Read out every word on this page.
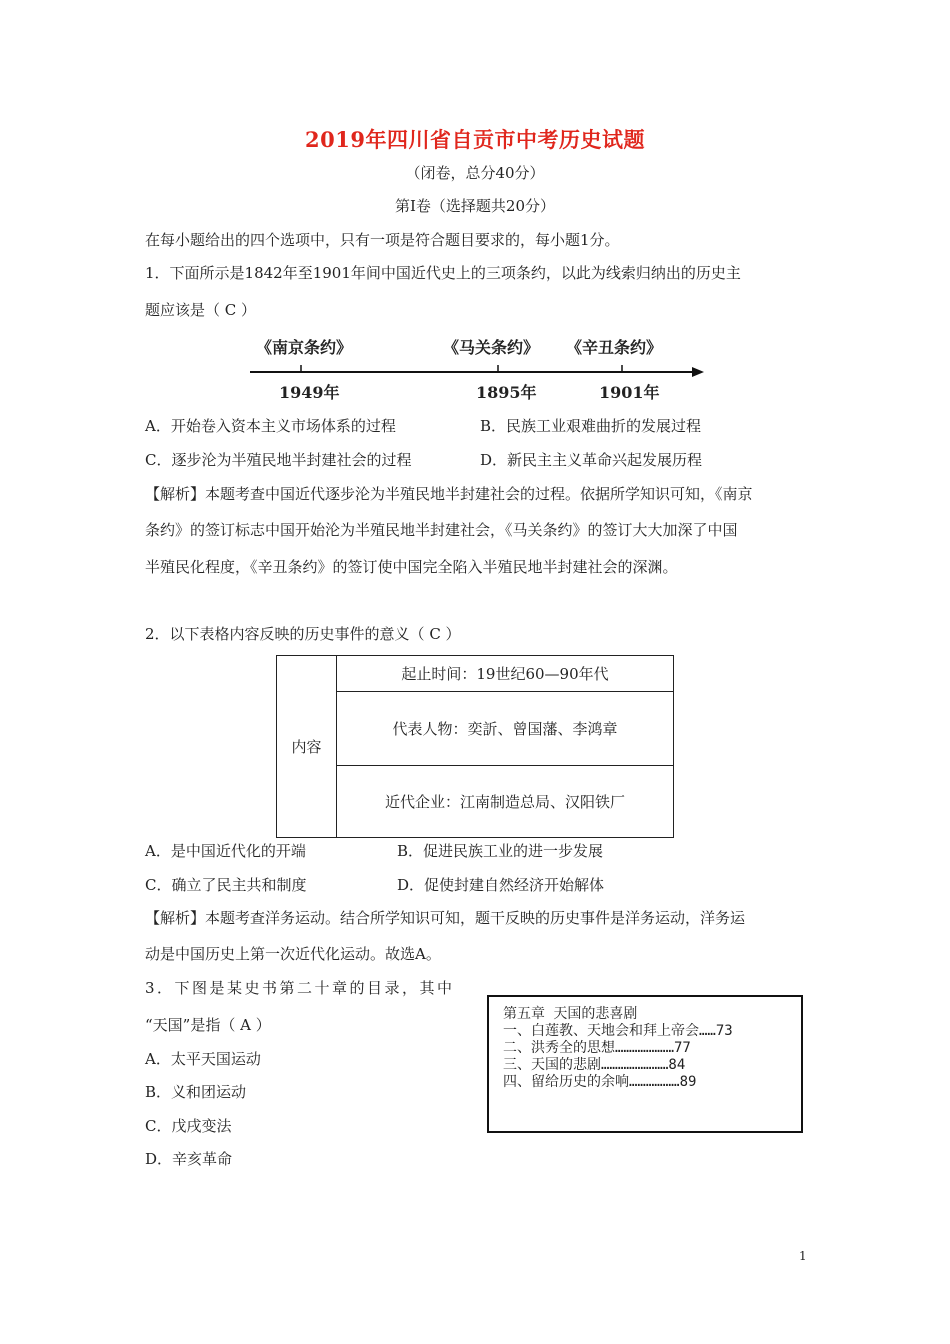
2019年四川省自贡市中考历史试题
（闭卷，总分40分）
第Ⅰ卷（选择题共20分）
在每小题给出的四个选项中，只有一项是符合题目要求的，每小题1分。
1．下面所示是1842年至1901年间中国近代史上的三项条约，以此为线索归纳出的历史主
题应该是（ C ）
《南京条约》	《马关条约》 《辛丑条约》
1949年	1895年	1901年
A．开始卷入资本主义市场体系的过程	B．民族工业艰难曲折的发展过程
C．逐步沦为半殖民地半封建社会的过程	D．新民主主义革命兴起发展历程
【解析】本题考查中国近代逐步沦为半殖民地半封建社会的过程。依据所学知识可知，《南京
条约》的签订标志中国开始沦为半殖民地半封建社会，《马关条约》的签订大大加深了中国
半殖民化程度，《辛丑条约》的签订使中国完全陷入半殖民地半封建社会的深渊。
2．以下表格内容反映的历史事件的意义（ C ）
内容	起止时间：19世纪60—90年代
代表人物：奕訢、曾国藩、李鸿章
近代企业：江南制造总局、汉阳铁厂
A．是中国近代化的开端	B．促进民族工业的进一步发展
C．确立了民主共和制度	D．促使封建自然经济开始解体
【解析】本题考查洋务运动。结合所学知识可知，题干反映的历史事件是洋务运动，洋务运
动是中国历史上第一次近代化运动。故选A。
3．下图是某史书第二十章的目录，其中
“天国”是指（ A ）
A．太平天国运动
B．义和团运动
C．戊戌变法
D．辛亥革命
第五章 天国的悲喜剧
一、白莲教、天地会和拜上帝会……73
二、洪秀全的思想…………………77
三、天国的悲剧……………………84
四、留给历史的余响………………89
1
